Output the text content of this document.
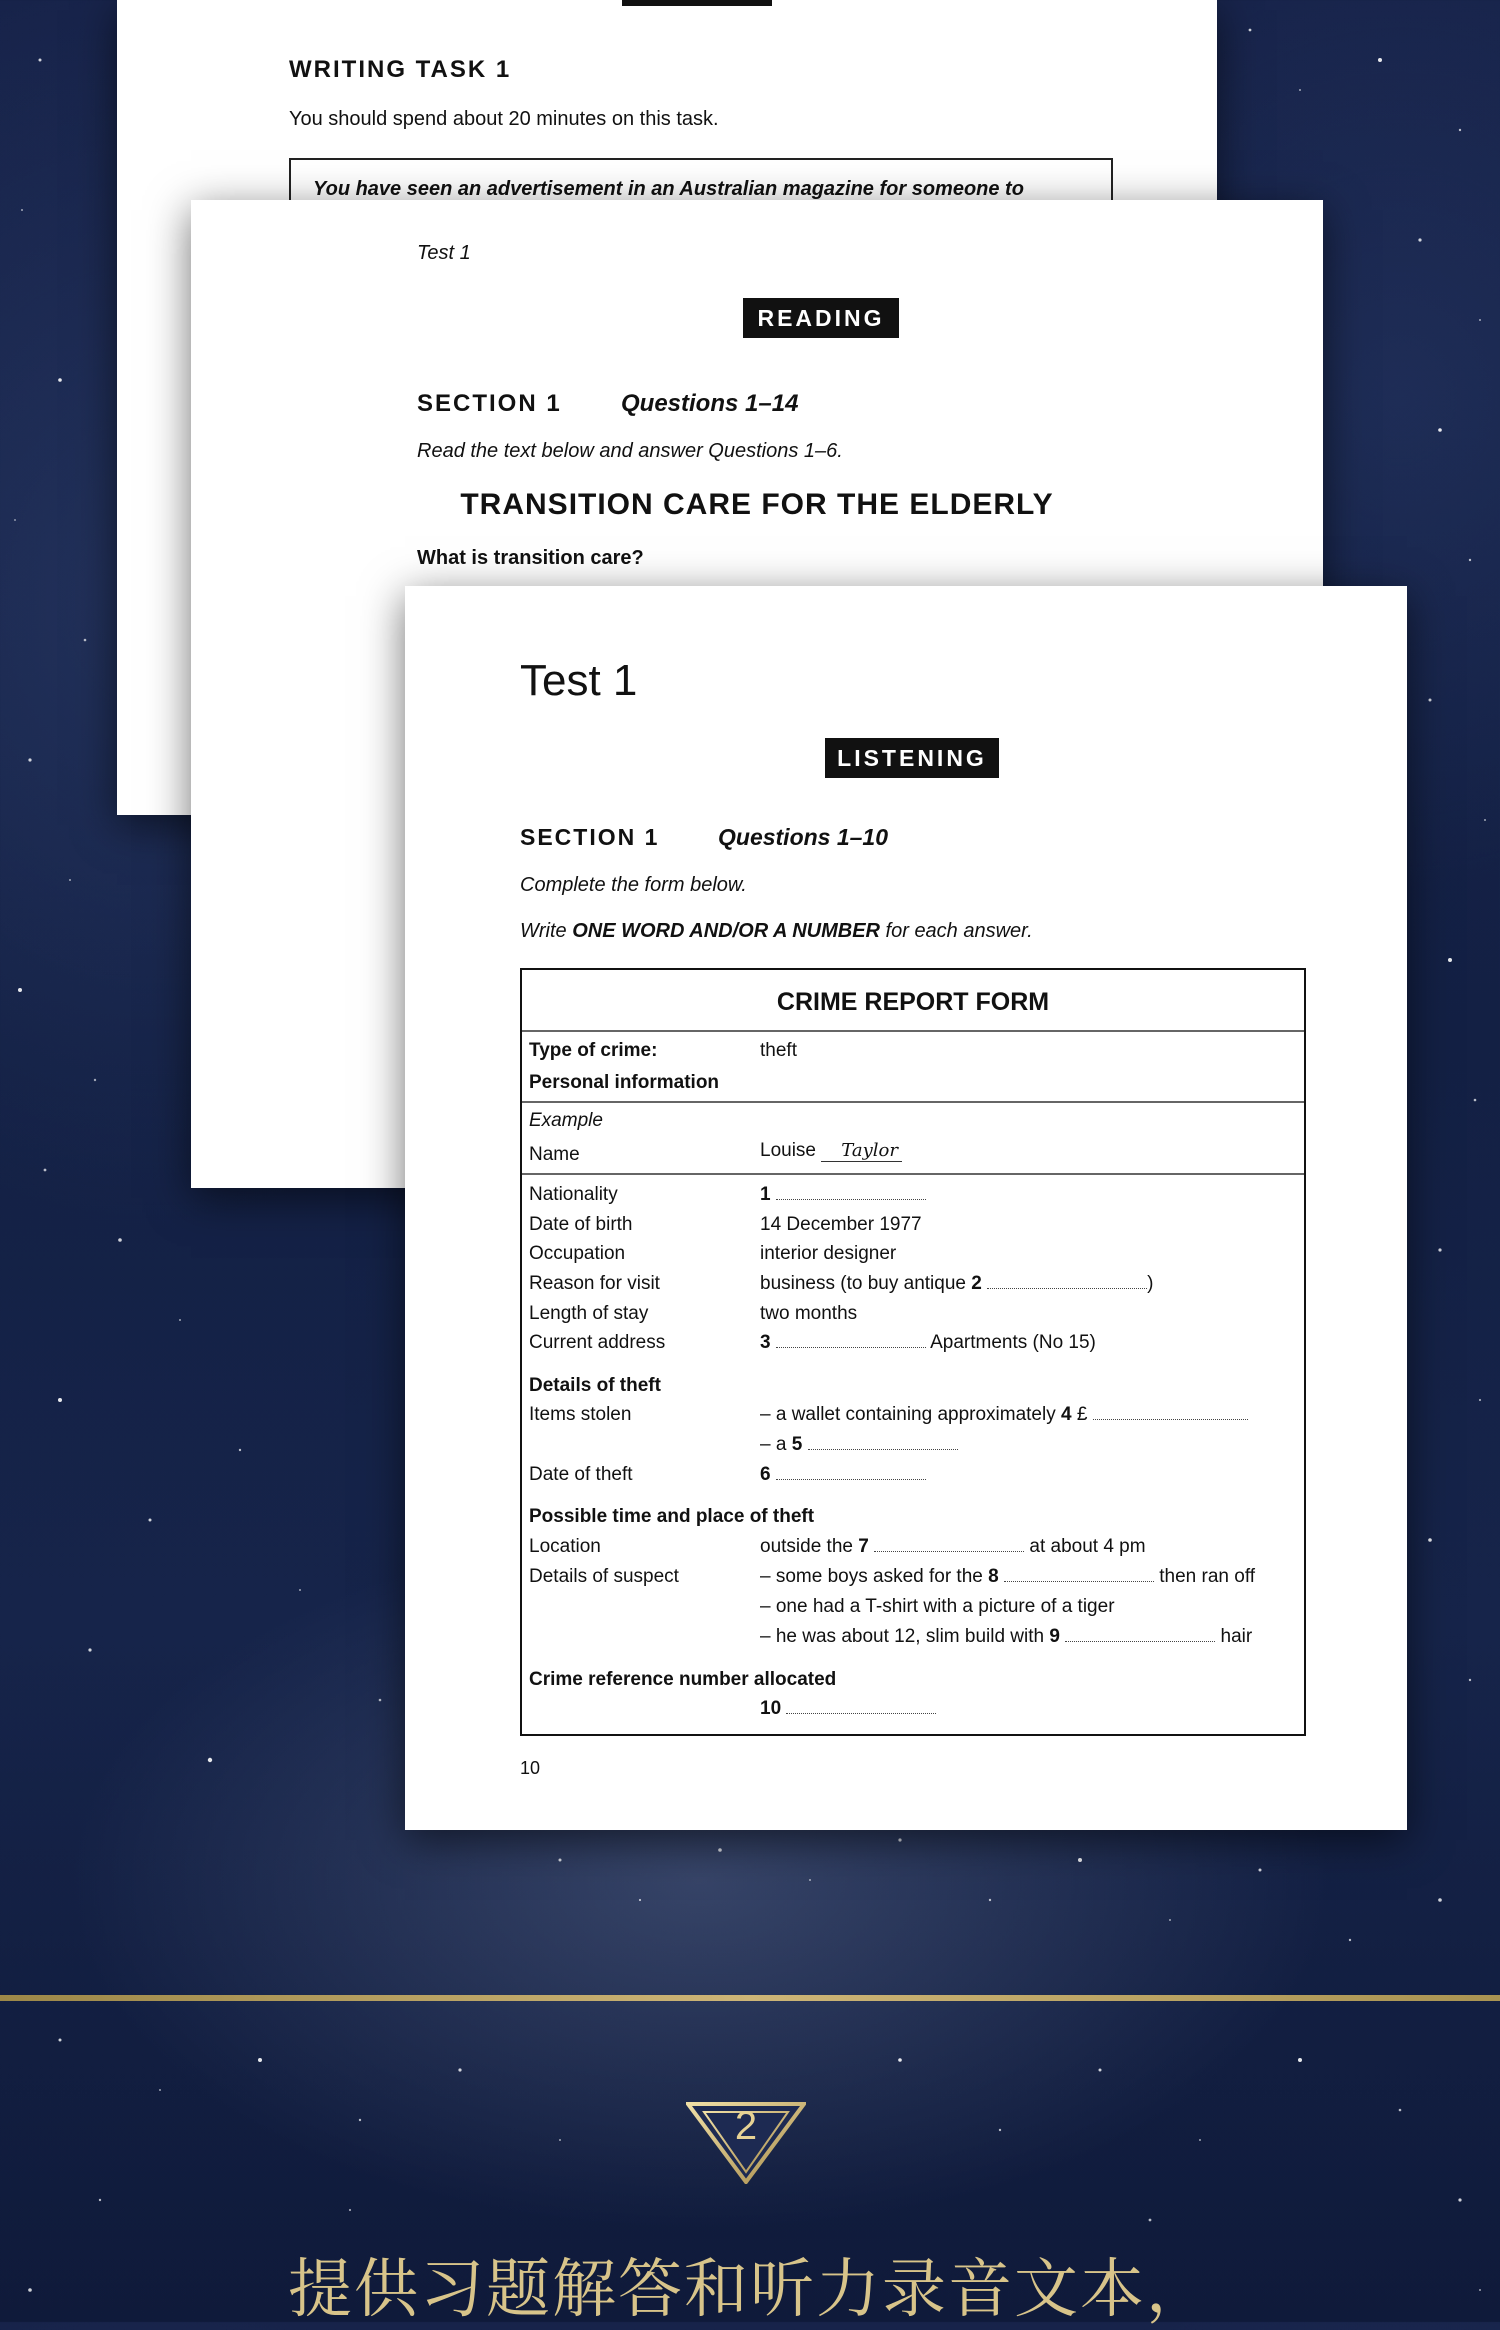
WRITING TASK 1
You should spend about 20 minutes on this task.
You have seen an advertisement in an Australian magazine for someone to
Test 1
READING
SECTION 1 Questions 1–14
Read the text below and answer Questions 1–6.
TRANSITION CARE FOR THE ELDERLY
What is transition care?
Test 1
LISTENING
SECTION 1	Questions 1–10
Complete the form below.
Write ONE WORD AND/OR A NUMBER for each answer.
CRIME REPORT FORM
Type of crime:	theft
Personal information
Example
Name	Louise Taylor
Nationality	1
Date of birth	14 December 1977
Occupation	interior designer
Reason for visit	business (to buy antique 2	)
Length of stay	two months
Current address	3	Apartments (No 15)
Details of theft
Items stolen	– a wallet containing approximately 4 £
– a 5
Date of theft	6
Possible time and place of theft
Location	outside the 7	at about 4 pm
Details of suspect	– some boys asked for the 8	then ran off
– one had a T-shirt with a picture of a tiger
– he was about 12, slim build with 9	hair
Crime reference number allocated
10
10
2
提供习题解答和听力录音文本，
